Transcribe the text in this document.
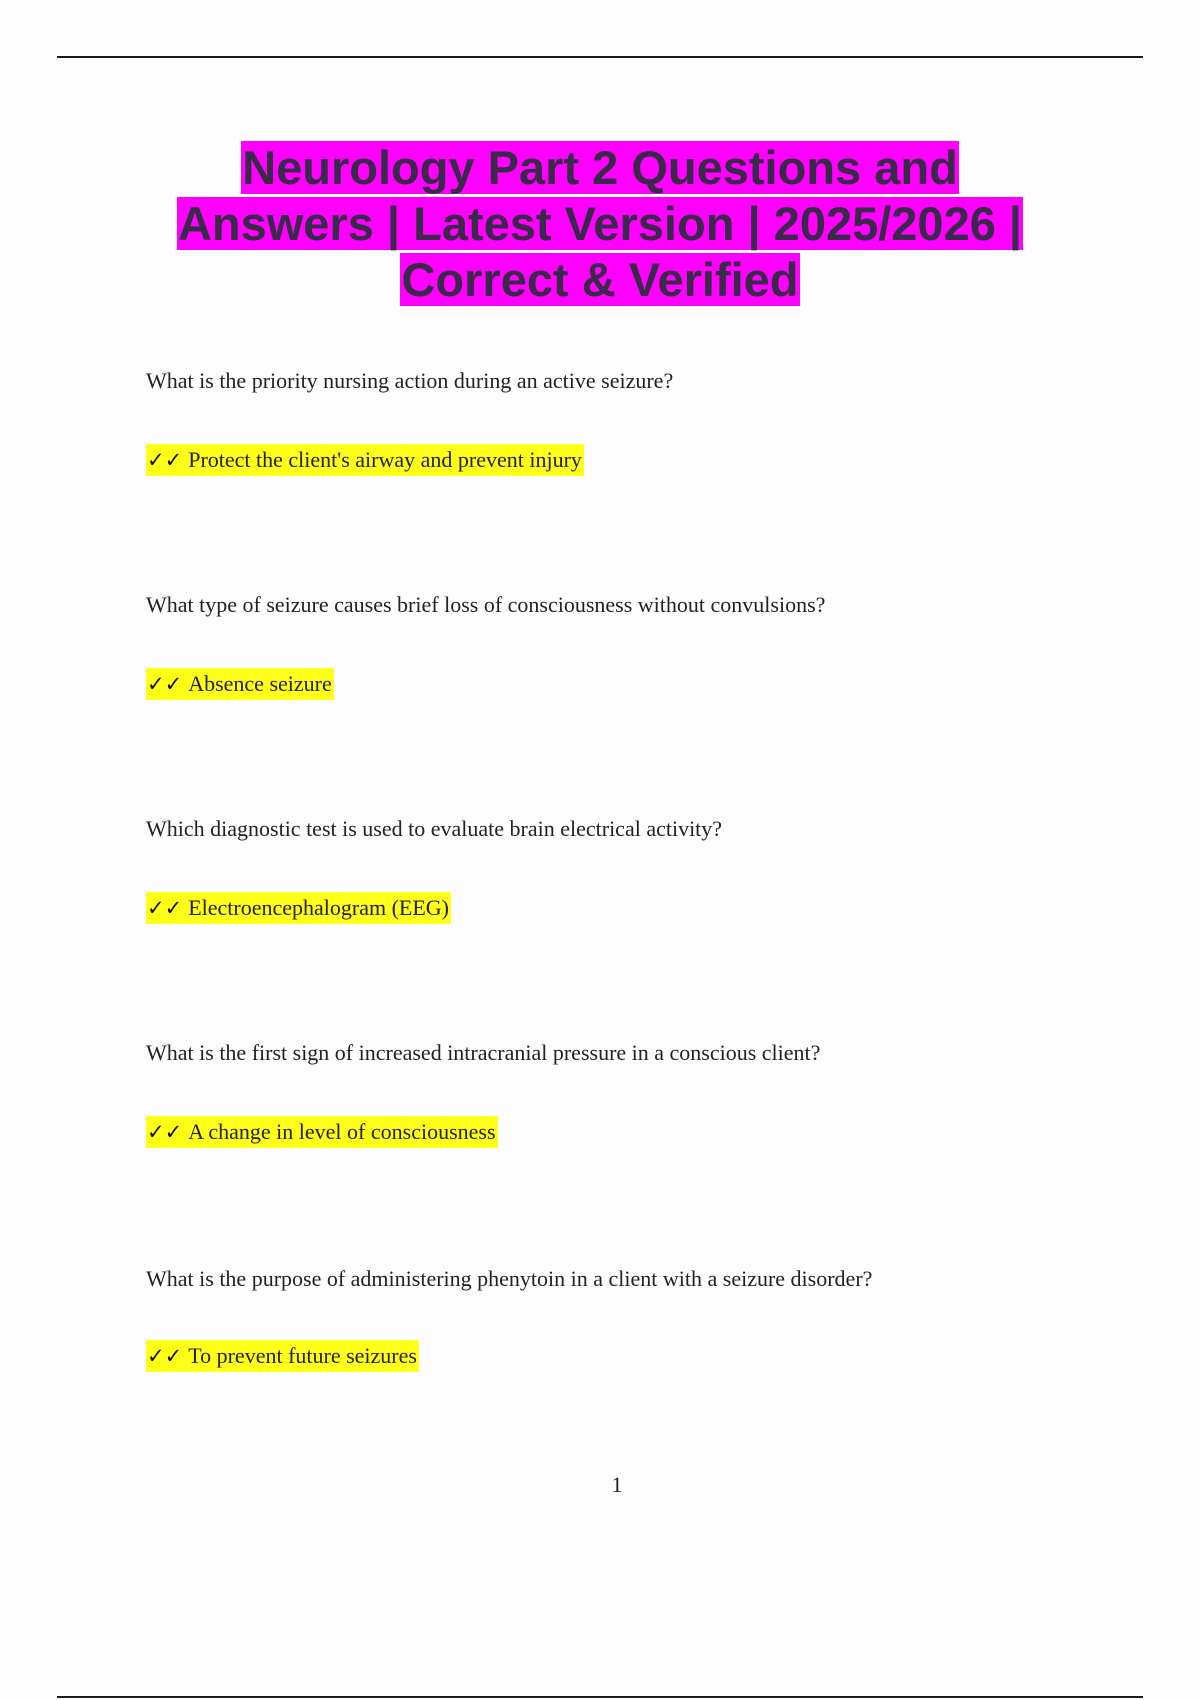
Neurology Part 2 Questions and
Answers | Latest Version | 2025/2026 |
Correct & Verified
What is the priority nursing action during an active seizure?
✓✓ Protect the client's airway and prevent injury
What type of seizure causes brief loss of consciousness without convulsions?
✓✓ Absence seizure
Which diagnostic test is used to evaluate brain electrical activity?
✓✓ Electroencephalogram (EEG)
What is the first sign of increased intracranial pressure in a conscious client?
✓✓ A change in level of consciousness
What is the purpose of administering phenytoin in a client with a seizure disorder?
✓✓ To prevent future seizures
1
